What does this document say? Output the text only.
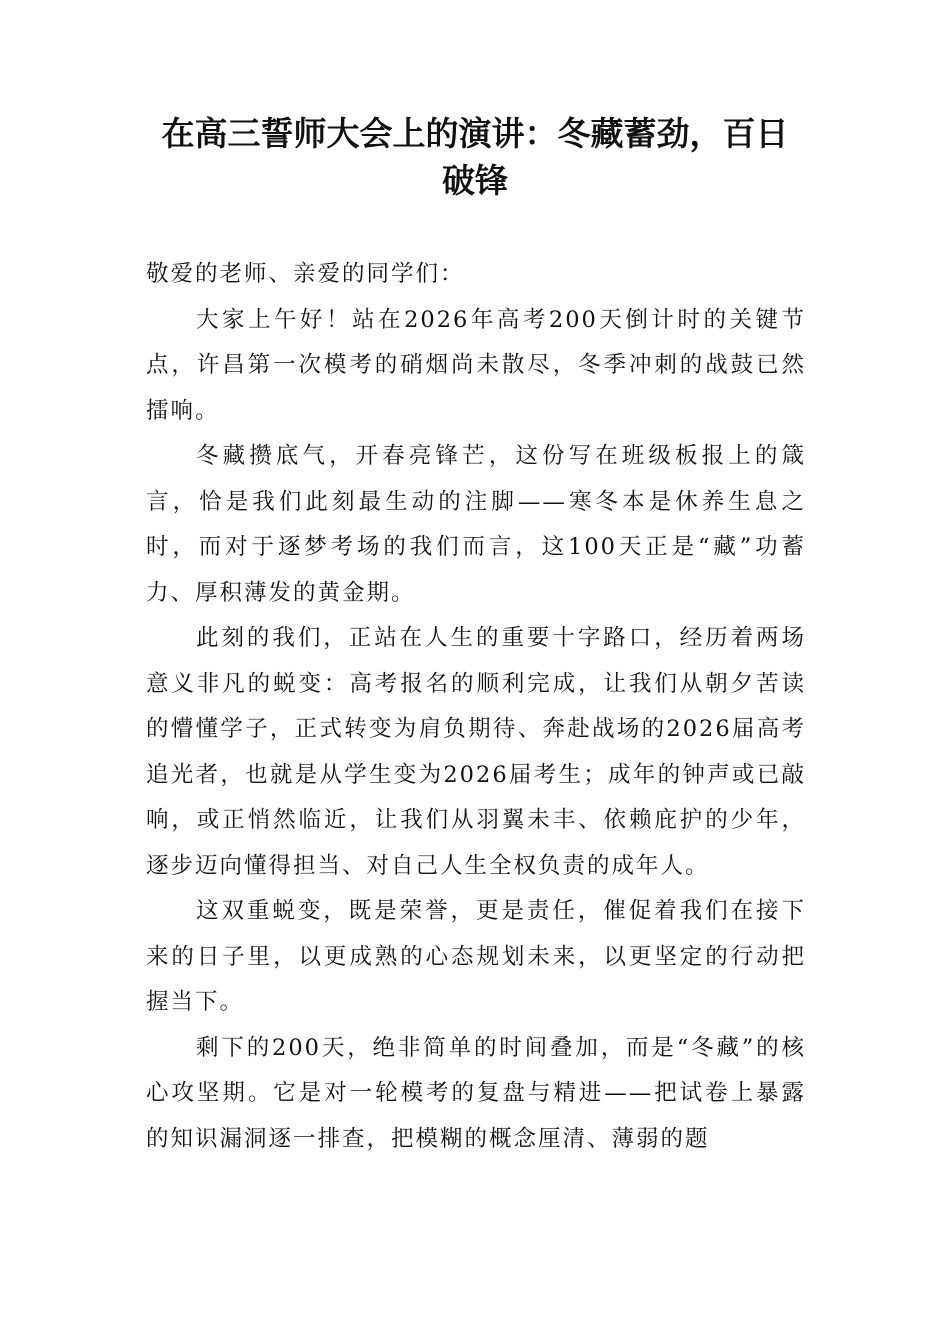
在高三誓师大会上的演讲：冬藏蓄劲，百日破锋

敬爱的老师、亲爱的同学们：

大家上午好！站在2026年高考200天倒计时的关键节点，许昌第一次模考的硝烟尚未散尽，冬季冲刺的战鼓已然擂响。

冬藏攒底气，开春亮锋芒，这份写在班级板报上的箴言，恰是我们此刻最生动的注脚——寒冬本是休养生息之时，而对于逐梦考场的我们而言，这100天正是“藏”功蓄力、厚积薄发的黄金期。

此刻的我们，正站在人生的重要十字路口，经历着两场意义非凡的蜕变：高考报名的顺利完成，让我们从朝夕苦读的懵懂学子，正式转变为肩负期待、奔赴战场的2026届高考追光者，也就是从学生变为2026届考生；成年的钟声或已敲响，或正悄然临近，让我们从羽翼未丰、依赖庇护的少年，逐步迈向懂得担当、对自己人生全权负责的成年人。

这双重蜕变，既是荣誉，更是责任，催促着我们在接下来的日子里，以更成熟的心态规划未来，以更坚定的行动把握当下。

剩下的200天，绝非简单的时间叠加，而是“冬藏”的核心攻坚期。它是对一轮模考的复盘与精进——把试卷上暴露的知识漏洞逐一排查，把模糊的概念厘清、薄弱的题
